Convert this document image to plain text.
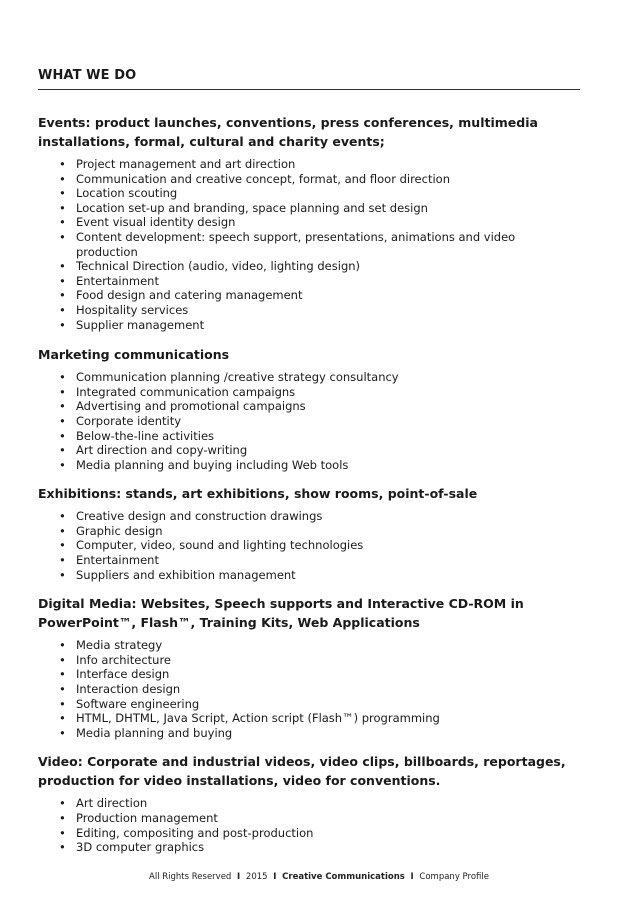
WHAT WE DO
Events: product launches, conventions, press conferences, multimedia installations, formal, cultural and charity events;
• Project management and art direction
• Communication and creative concept, format, and floor direction
• Location scouting
• Location set-up and branding, space planning and set design
• Event visual identity design
• Content development: speech support, presentations, animations and video production
• Technical Direction (audio, video, lighting design)
• Entertainment
• Food design and catering management
• Hospitality services
• Supplier management
Marketing communications
• Communication planning /creative strategy consultancy
• Integrated communication campaigns
• Advertising and promotional campaigns
• Corporate identity
• Below-the-line activities
• Art direction and copy-writing
• Media planning and buying including Web tools
Exhibitions: stands, art exhibitions, show rooms, point-of-sale
• Creative design and construction drawings
• Graphic design
• Computer, video, sound and lighting technologies
• Entertainment
• Suppliers and exhibition management
Digital Media: Websites, Speech supports and Interactive CD-ROM in PowerPoint™, Flash™, Training Kits, Web Applications
• Media strategy
• Info architecture
• Interface design
• Interaction design
• Software engineering
• HTML, DHTML, Java Script, Action script (Flash™) programming
• Media planning and buying
Video: Corporate and industrial videos, video clips, billboards, reportages, production for video installations, video for conventions.
• Art direction
• Production management
• Editing, compositing and post-production
• 3D computer graphics
All Rights Reserved I 2015 I Creative Communications I Company Profile
